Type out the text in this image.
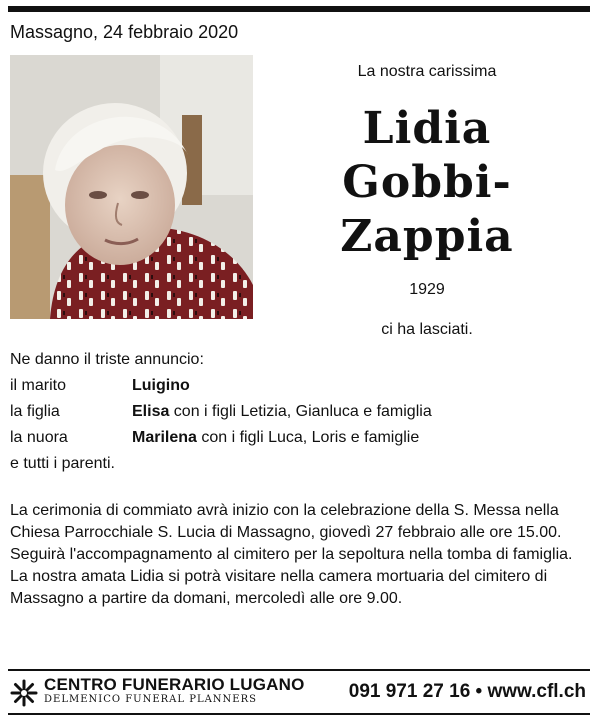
Massagno, 24 febbraio 2020
La nostra carissima
Lidia
Gobbi-
Zappia
1929
ci ha lasciati.
Ne danno il triste annuncio:
il marito	Luigino
la figlia	Elisa con i figli Letizia, Gianluca e famiglia
la nuora	Marilena con i figli Luca, Loris e famiglie
e tutti i parenti.

La cerimonia di commiato avrà inizio con la celebrazione della S. Messa nella Chiesa Parrocchiale S. Lucia di Massagno, giovedì 27 febbraio alle ore 15.00.

Seguirà l'accompagnamento al cimitero per la sepoltura nella tomba di famiglia.

La nostra amata Lidia si potrà visitare nella camera mortuaria del cimitero di Massagno a partire da domani, mercoledì alle ore 9.00.

CENTRO FUNERARIO LUGANO
DELMENICO FUNERAL PLANNERS	091 971 27 16 • www.cfl.ch
